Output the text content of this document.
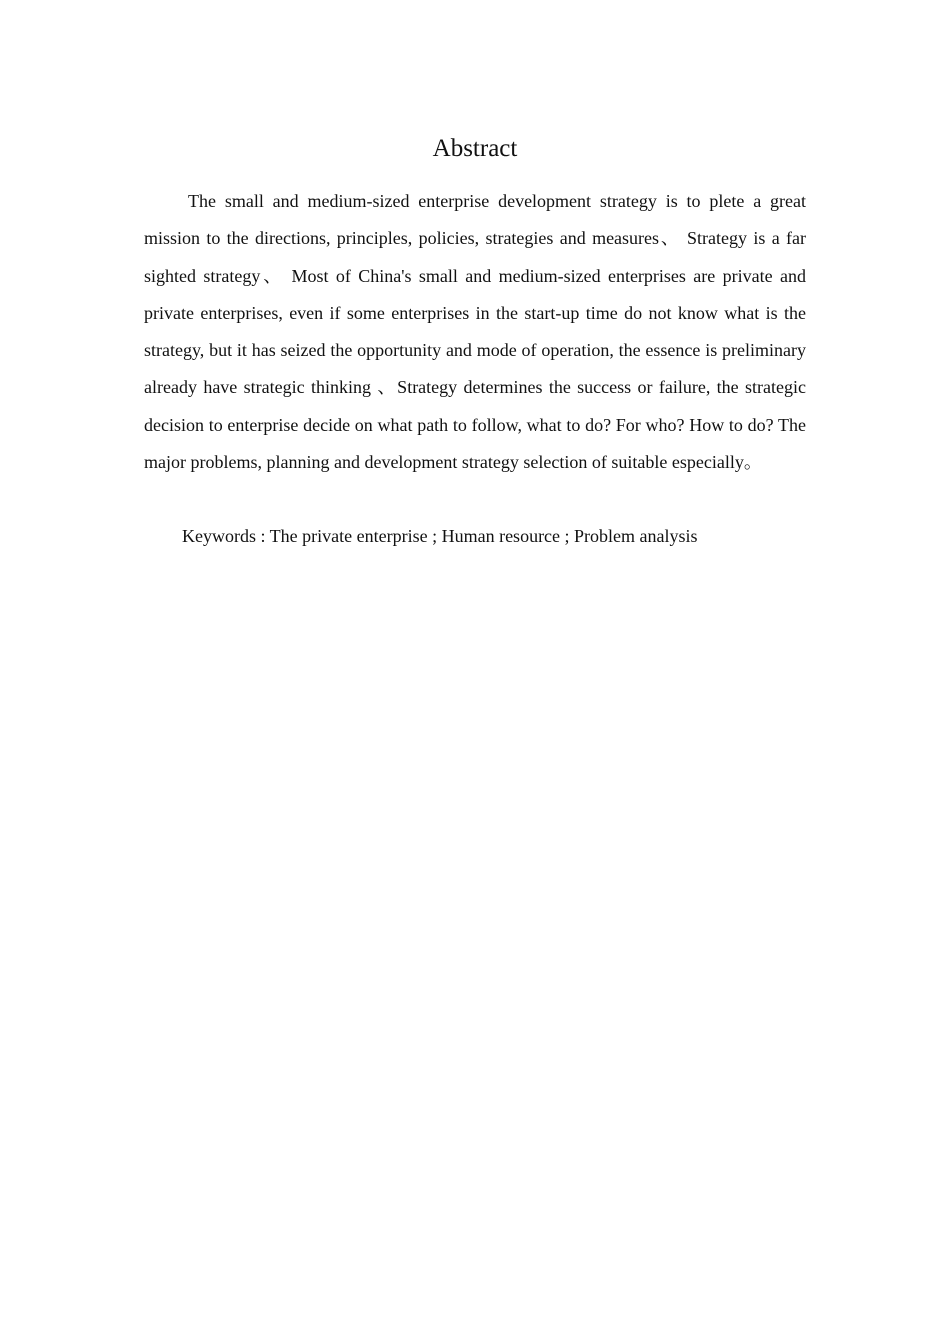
Abstract

The small and medium-sized enterprise development strategy is to plete a great mission to the directions, principles, policies, strategies and measures、 Strategy is a far sighted strategy、 Most of China's small and medium-sized enterprises are private and private enterprises, even if some enterprises in the start-up time do not know what is the strategy, but it has seized the opportunity and mode of operation, the essence is preliminary already have strategic thinking 、Strategy determines the success or failure, the strategic decision to enterprise decide on what path to follow, what to do? For who? How to do? The major problems, planning and development strategy selection of suitable especially。

Keywords : The private enterprise ; Human resource ; Problem analysis
